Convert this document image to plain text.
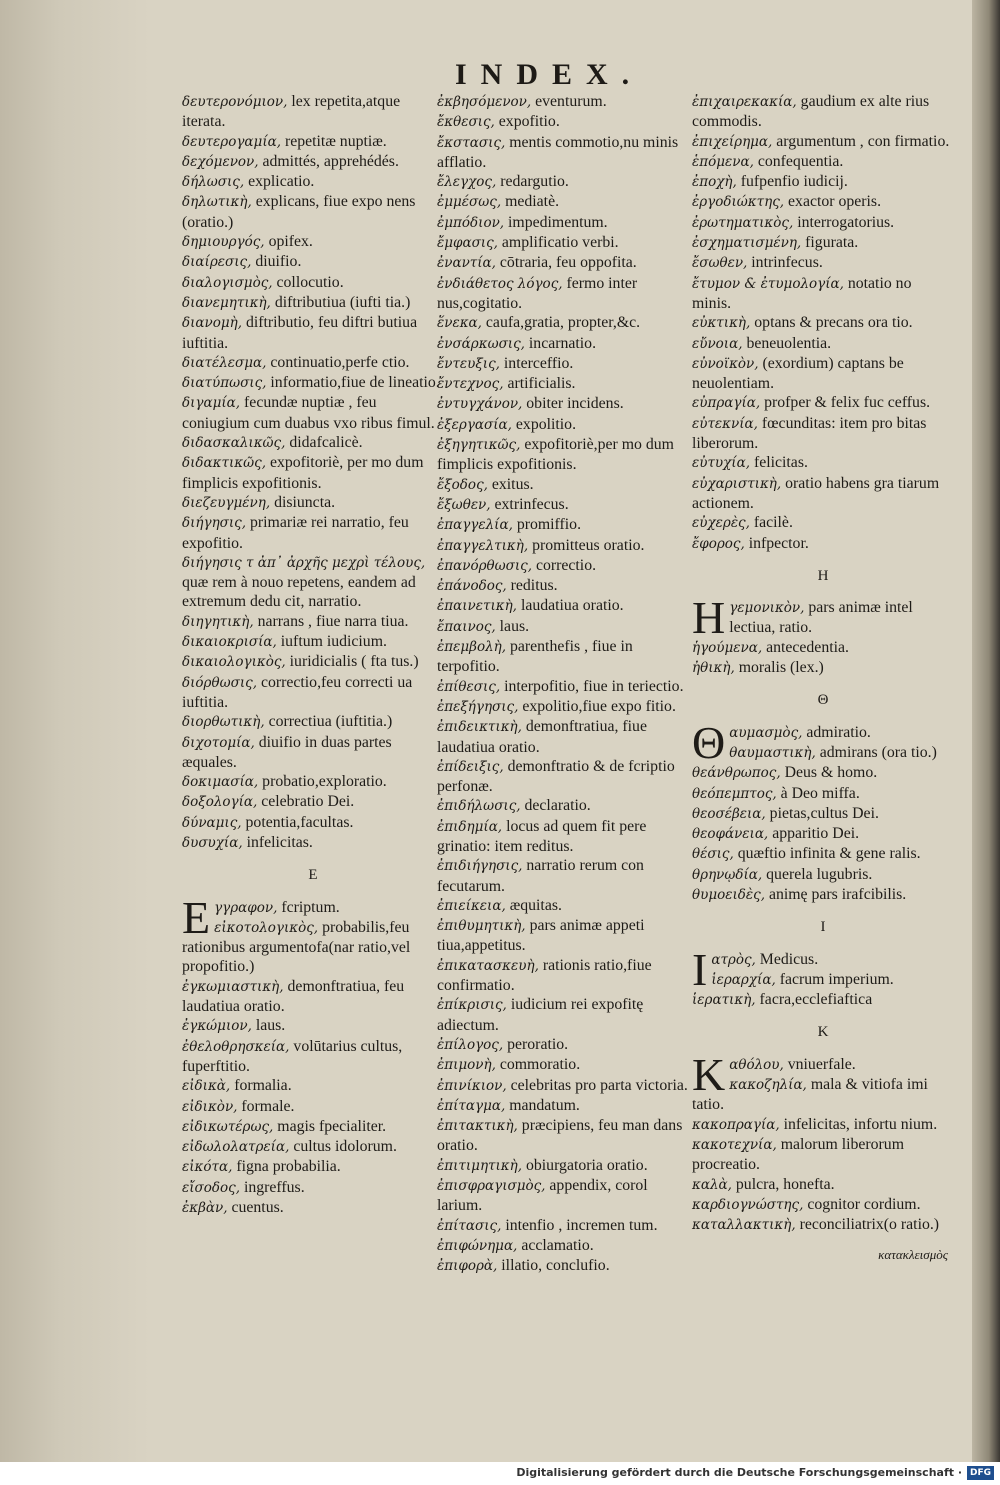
INDEX.

δευτερονόμιον, lex repetita,atque iterata.

δευτερογαμία, repetitæ nuptiæ.

δεχόμενον, admittés, apprehédés.

δήλωσις, explicatio.

δηλωτικὴ, explicans, fiue expo nens (oratio.)

δημιουργός, opifex.

διαίρεσις, diuifio.

διαλογισμὸς, collocutio.

διανεμητικὴ, diftributiua (iufti tia.)

διανομὴ, diftributio, feu diftri butiua iuftitia.

διατέλεσμα, continuatio,perfe ctio.

διατύπωσις, informatio,fiue de lineatio.

διγαμία, fecundæ nuptiæ , feu coniugium cum duabus vxo ribus fimul.

διδασκαλικῶς, didafcalicè.

διδακτικῶς, expofitoriè, per mo dum fimplicis expofitionis.

διεζευγμένη, disiuncta.

διήγησις, primariæ rei narratio, feu expofitio.

διήγησις τ ἀπ᾽ ἀρχῆς μεχρὶ τέλους, quæ rem à nouo repetens, eandem ad extremum dedu cit, narratio.

διηγητικὴ, narrans , fiue narra tiua.

δικαιοκρισία, iuftum iudicium.

δικαιολογικὸς, iuridicialis ( fta tus.)

διόρθωσις, correctio,feu correcti ua iuftitia.

διορθωτικὴ, correctiua (iuftitia.)

διχοτομία, diuifio in duas partes æquales.

δοκιμασία, probatio,exploratio.

δοξολογία, celebratio Dei.

δύναμις, potentia,facultas.

δυσυχία, infelicitas.

E

Eγγραφον, fcriptum.

εἰκοτολογικὸς, probabilis,feu rationibus argumentofa(nar ratio,vel propofitio.)

ἐγκωμιαστικὴ, demonftratiua, feu laudatiua oratio.

ἐγκώμιον, laus.

ἐθελοθρησκεία, volūtarius cultus, fuperftitio.

εἰδικὰ, formalia.

εἰδικὸν, formale.

εἰδικωτέρως, magis fpecialiter.

εἰδωλολατρεία, cultus idolorum.

εἰκότα, figna probabilia.

εἴσοδος, ingreffus.

ἐκβὰν, cuentus.

ἐκβησόμενον, eventurum.

ἔκθεσις, expofitio.

ἔκστασις, mentis commotio,nu minis afflatio.

ἔλεγχος, redargutio.

ἐμμέσως, mediatè.

ἐμπόδιον, impedimentum.

ἔμφασις, amplificatio verbi.

ἐναντία, cōtraria, feu oppofita.

ἐνδιάθετος λόγος, fermo inter nus,cogitatio.

ἕνεκα, caufa,gratia, propter,&c.

ἐνσάρκωσις, incarnatio.

ἔντευξις, interceffio.

ἔντεχνος, artificialis.

ἐντυγχάνον, obiter incidens.

ἐξεργασία, expolitio.

ἐξηγητικῶς, expofitoriè,per mo dum fimplicis expofitionis.

ἔξοδος, exitus.

ἔξωθεν, extrinfecus.

ἐπαγγελία, promiffio.

ἐπαγγελτικὴ, promitteus oratio.

ἐπανόρθωσις, correctio.

ἐπάνοδος, reditus.

ἐπαινετικὴ, laudatiua oratio.

ἔπαινος, laus.

ἐπεμβολὴ, parenthefis , fiue in terpofitio.

ἐπίθεσις, interpofitio, fiue in teriectio.

ἐπεξήγησις, expolitio,fiue expo fitio.

ἐπιδεικτικὴ, demonftratiua, fiue laudatiua oratio.

ἐπίδειξις, demonftratio & de fcriptio perfonæ.

ἐπιδήλωσις, declaratio.

ἐπιδημία, locus ad quem fit pere grinatio: item reditus.

ἐπιδιήγησις, narratio rerum con fecutarum.

ἐπιείκεια, æquitas.

ἐπιθυμητικὴ, pars animæ appeti tiua,appetitus.

ἐπικατασκευὴ, rationis ratio,fiue confirmatio.

ἐπίκρισις, iudicium rei expofitę adiectum.

ἐπίλογος, peroratio.

ἐπιμονὴ, commoratio.

ἐπινίκιον, celebritas pro parta victoria.

ἐπίταγμα, mandatum.

ἐπιτακτικὴ, præcipiens, feu man dans oratio.

ἐπιτιμητικὴ, obiurgatoria oratio.

ἐπισφραγισμὸς, appendix, corol larium.

ἐπίτασις, intenfio , incremen tum.

ἐπιφώνημα, acclamatio.

ἐπιφορὰ, illatio, conclufio.

ἐπιχαιρεκακία, gaudium ex alte rius commodis.

ἐπιχείρημα, argumentum , con firmatio.

ἑπόμενα, confequentia.

ἐποχὴ, fufpenfio iudicij.

ἐργοδιώκτης, exactor operis.

ἐρωτηματικὸς, interrogatorius.

ἐσχηματισμένη, figurata.

ἔσωθεν, intrinfecus.

ἔτυμον & ἐτυμολογία, notatio no minis.

εὐκτικὴ, optans & precans ora tio.

εὔνοια, beneuolentia.

εὐνοϊκὸν, (exordium) captans be neuolentiam.

εὐπραγία, profper & felix fuc ceffus.

εὐτεκνία, fœcunditas: item pro bitas liberorum.

εὐτυχία, felicitas.

εὐχαριστικὴ, oratio habens gra tiarum actionem.

εὐχερὲς, facilè.

ἔφορος, infpector.

H

Hγεμονικὸν, pars animæ intel lectiua, ratio.

ἡγούμενα, antecedentia.

ἠθικὴ, moralis (lex.)

Θ

Θαυμασμὸς, admiratio.

θαυμαστικὴ, admirans (ora tio.)

θεάνθρωπος, Deus & homo.

θεόπεμπτος, à Deo miffa.

θεοσέβεια, pietas,cultus Dei.

θεοφάνεια, apparitio Dei.

θέσις, quæftio infinita & gene ralis.

θρηνῳδία, querela lugubris.

θυμοειδὲς, animę pars irafcibilis.

I

Iατρὸς, Medicus.

ἱεραρχία, facrum imperium.

ἱερατικὴ, facra,ecclefiaftica

K

Kαθόλου, vniuerfale.

κακοζηλία, mala & vitiofa imi tatio.

κακοπραγία, infelicitas, infortu nium.

κακοτεχνία, malorum liberorum procreatio.

καλὰ, pulcra, honefta.

καρδιογνώστης, cognitor cordium.

καταλλακτικὴ, reconciliatrix(o ratio.)

κατακλεισμὸς
Digitalisierung gefördert durch die Deutsche Forschungsgemeinschaft · DFG
